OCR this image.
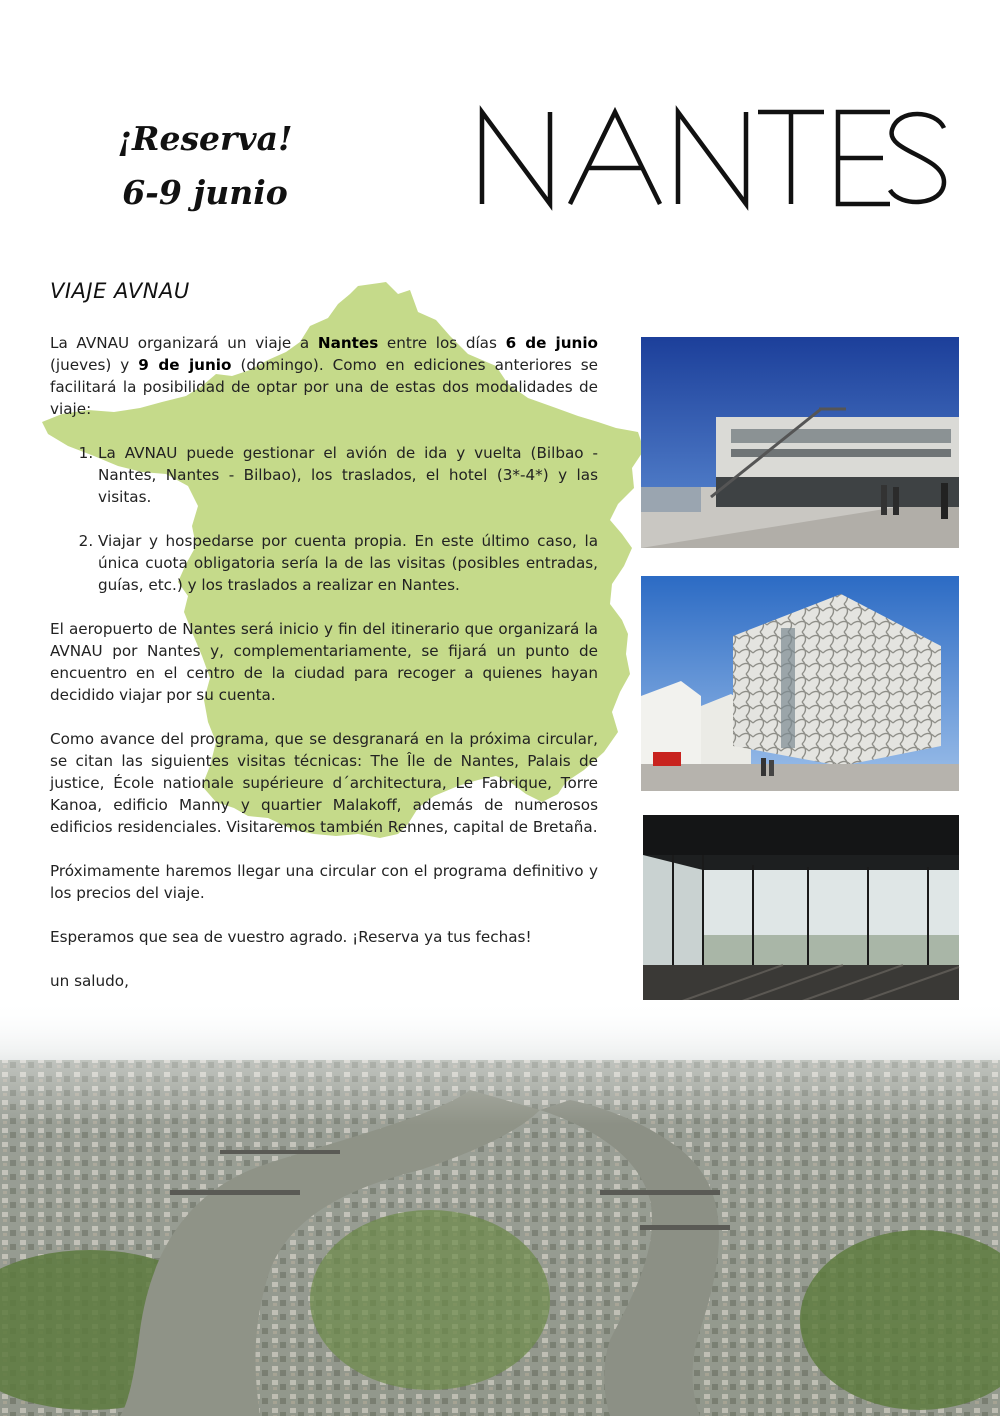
¡Reserva!
6-9 junio
NANTES
VIAJE AVNAU

La AVNAU organizará un viaje a Nantes entre los días 6 de junio (jueves) y 9 de junio (domingo). Como en ediciones anteriores se facilitará la posibilidad de optar por una de estas dos modalidades de viaje:

1. La AVNAU puede gestionar el avión de ida y vuelta (Bilbao - Nantes, Nantes - Bilbao), los traslados, el hotel (3*-4*) y las visitas.
2. Viajar y hospedarse por cuenta propia. En este último caso, la única cuota obligatoria sería la de las visitas (posibles entradas, guías, etc.) y los traslados a realizar en Nantes.

El aeropuerto de Nantes será inicio y fin del itinerario que organizará la AVNAU por Nantes y, complementariamente, se fijará un punto de encuentro en el centro de la ciudad para recoger a quienes hayan decidido viajar por su cuenta.

Como avance del programa, que se desgranará en la próxima circular, se citan las siguientes visitas técnicas: The Île de Nantes, Palais de justice, École nationale supérieure d´architectura, Le Fabrique, Torre Kanoa, edificio Manny y quartier Malakoff, además de numerosos edificios residenciales. Visitaremos también Rennes, capital de Bretaña.

Próximamente haremos llegar una circular con el programa definitivo y los precios del viaje.

Esperamos que sea de vuestro agrado. ¡Reserva ya tus fechas!

un saludo,
